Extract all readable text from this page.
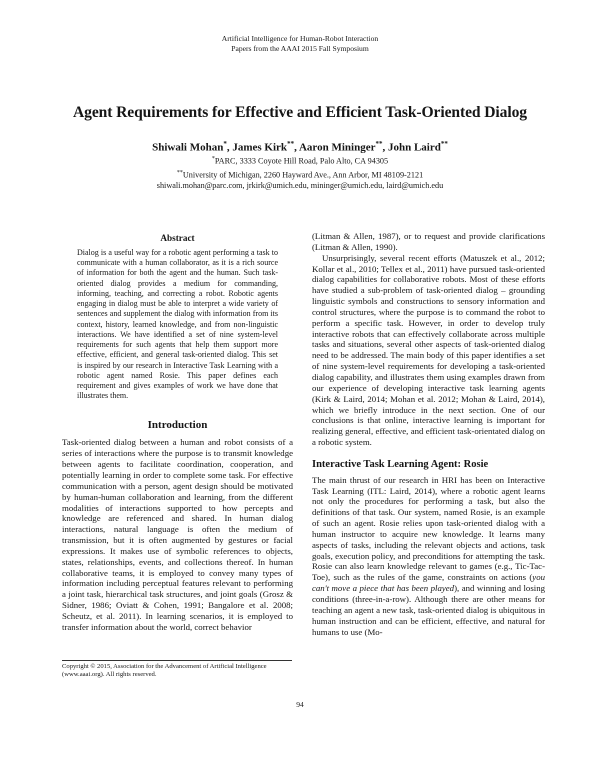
Artificial Intelligence for Human-Robot Interaction
Papers from the AAAI 2015 Fall Symposium
Agent Requirements for Effective and Efficient Task-Oriented Dialog
Shiwali Mohan*, James Kirk**, Aaron Mininger**, John Laird**
*PARC, 3333 Coyote Hill Road, Palo Alto, CA 94305
**University of Michigan, 2260 Hayward Ave., Ann Arbor, MI 48109-2121
shiwali.mohan@parc.com, jrkirk@umich.edu, mininger@umich.edu, laird@umich.edu
Abstract

Dialog is a useful way for a robotic agent performing a task to communicate with a human collaborator, as it is a rich source of information for both the agent and the human. Such task-oriented dialog provides a medium for commanding, informing, teaching, and correcting a robot. Robotic agents engaging in dialog must be able to interpret a wide variety of sentences and supplement the dialog with information from its context, history, learned knowledge, and from non-linguistic interactions. We have identified a set of nine system-level requirements for such agents that help them support more effective, efficient, and general task-oriented dialog. This set is inspired by our research in Interactive Task Learning with a robotic agent named Rosie. This paper defines each requirement and gives examples of work we have done that illustrates them.

Introduction

Task-oriented dialog between a human and robot consists of a series of interactions where the purpose is to transmit knowledge between agents to facilitate coordination, cooperation, and potentially learning in order to complete some task. For effective communication with a person, agent design should be motivated by human-human collaboration and learning, from the different modalities of interactions supported to how percepts and knowledge are referenced and shared. In human dialog interactions, natural language is often the medium of transmission, but it is often augmented by gestures or facial expressions. It makes use of symbolic references to objects, states, relationships, events, and collections thereof. In human collaborative teams, it is employed to convey many types of information including perceptual features relevant to performing a joint task, hierarchical task structures, and joint goals (Grosz & Sidner, 1986; Oviatt & Cohen, 1991; Bangalore et al. 2008; Scheutz, et al. 2011). In learning scenarios, it is employed to transfer information about the world, correct behavior

(Litman & Allen, 1987), or to request and provide clarifications (Litman & Allen, 1990).

Unsurprisingly, several recent efforts (Matuszek et al., 2012; Kollar et al., 2010; Tellex et al., 2011) have pursued task-oriented dialog capabilities for collaborative robots. Most of these efforts have studied a sub-problem of task-oriented dialog – grounding linguistic symbols and constructions to sensory information and control structures, where the purpose is to command the robot to perform a specific task. However, in order to develop truly interactive robots that can effectively collaborate across multiple tasks and situations, several other aspects of task-oriented dialog need to be addressed. The main body of this paper identifies a set of nine system-level requirements for developing a task-oriented dialog capability, and illustrates them using examples drawn from our experience of developing interactive task learning agents (Kirk & Laird, 2014; Mohan et al. 2012; Mohan & Laird, 2014), which we briefly introduce in the next section. One of our conclusions is that online, interactive learning is important for realizing general, effective, and efficient task-orientated dialog on a robotic system.

Interactive Task Learning Agent: Rosie

The main thrust of our research in HRI has been on Interactive Task Learning (ITL: Laird, 2014), where a robotic agent learns not only the procedures for performing a task, but also the definitions of that task. Our system, named Rosie, is an example of such an agent. Rosie relies upon task-oriented dialog with a human instructor to acquire new knowledge. It learns many aspects of tasks, including the relevant objects and actions, task goals, execution policy, and preconditions for attempting the task. Rosie can also learn knowledge relevant to games (e.g., Tic-Tac-Toe), such as the rules of the game, constraints on actions (you can't move a piece that has been played), and winning and losing conditions (three-in-a-row). Although there are other means for teaching an agent a new task, task-oriented dialog is ubiquitous in human instruction and can be efficient, effective, and natural for humans to use (Mo-

Copyright © 2015, Association for the Advancement of Artificial Intelligence (www.aaai.org). All rights reserved.
94
